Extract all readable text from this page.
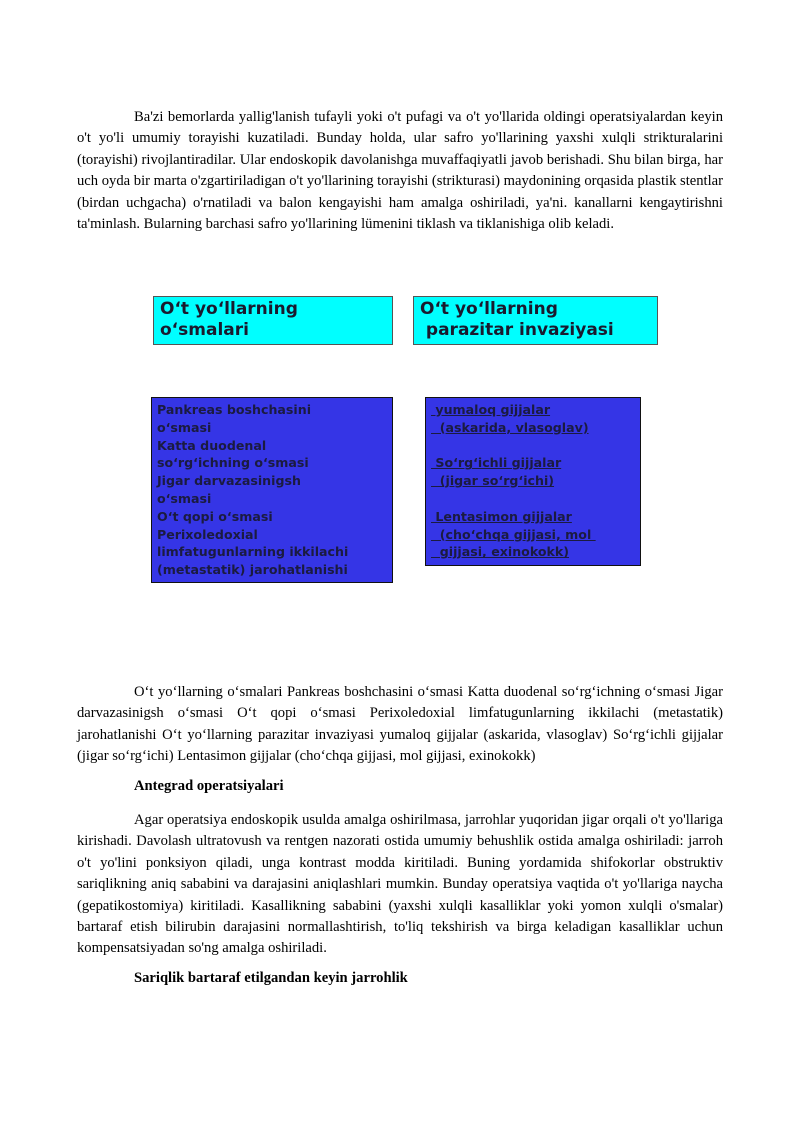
Ba'zi bemorlarda yallig'lanish tufayli yoki o't pufagi va o't yo'llarida oldingi operatsiyalardan keyin o't yo'li umumiy torayishi kuzatiladi. Bunday holda, ular safro yo'llarining yaxshi xulqli strikturalarini (torayishi) rivojlantiradilar. Ular endoskopik davolanishga muvaffaqiyatli javob berishadi. Shu bilan birga, har uch oyda bir marta o'zgartiriladigan o't yo'llarining torayishi (strikturasi) maydonining orqasida plastik stentlar (birdan uchgacha) o'rnatiladi va balon kengayishi ham amalga oshiriladi, ya'ni. kanallarni kengaytirishni ta'minlash. Bularning barchasi safro yo'llarining lümenini tiklash va tiklanishiga olib keladi.

O‘t yo‘llarning
o‘smalari
O‘t yo‘llarning
parazitar invaziyasi
Pankreas boshchasini
o‘smasi
Katta duodenal
so‘rg‘ichning o‘smasi
Jigar darvazasinigsh
o‘smasi
O‘t qopi o‘smasi
Perixoledoxial
limfatugunlarning ikkilachi
(metastatik) jarohatlanishi
yumaloq gijjalar
(askarida, vlasoglav)
So‘rg‘ichli gijjalar
(jigar so‘rg‘ichi)
Lentasimon gijjalar
(cho‘chqa gijjasi, mol
gijjasi, exinokokk)

O‘t yo‘llarning o‘smalari Pankreas boshchasini o‘smasi Katta duodenal so‘rg‘ichning o‘smasi Jigar darvazasinigsh o‘smasi O‘t qopi o‘smasi Perixoledoxial limfatugunlarning ikkilachi (metastatik) jarohatlanishi O‘t yo‘llarning parazitar invaziyasi yumaloq gijjalar (askarida, vlasoglav) So‘rg‘ichli gijjalar (jigar so‘rg‘ichi) Lentasimon gijjalar (cho‘chqa gijjasi, mol gijjasi, exinokokk)

Antegrad operatsiyalari

Agar operatsiya endoskopik usulda amalga oshirilmasa, jarrohlar yuqoridan jigar orqali o't yo'llariga kirishadi. Davolash ultratovush va rentgen nazorati ostida umumiy behushlik ostida amalga oshiriladi: jarroh o't yo'lini ponksiyon qiladi, unga kontrast modda kiritiladi. Buning yordamida shifokorlar obstruktiv sariqlikning aniq sababini va darajasini aniqlashlari mumkin. Bunday operatsiya vaqtida o't yo'llariga naycha (gepatikostomiya) kiritiladi. Kasallikning sababini (yaxshi xulqli kasalliklar yoki yomon xulqli o'smalar) bartaraf etish bilirubin darajasini normallashtirish, to'liq tekshirish va birga keladigan kasalliklar uchun kompensatsiyadan so'ng amalga oshiriladi.

Sariqlik bartaraf etilgandan keyin jarrohlik
